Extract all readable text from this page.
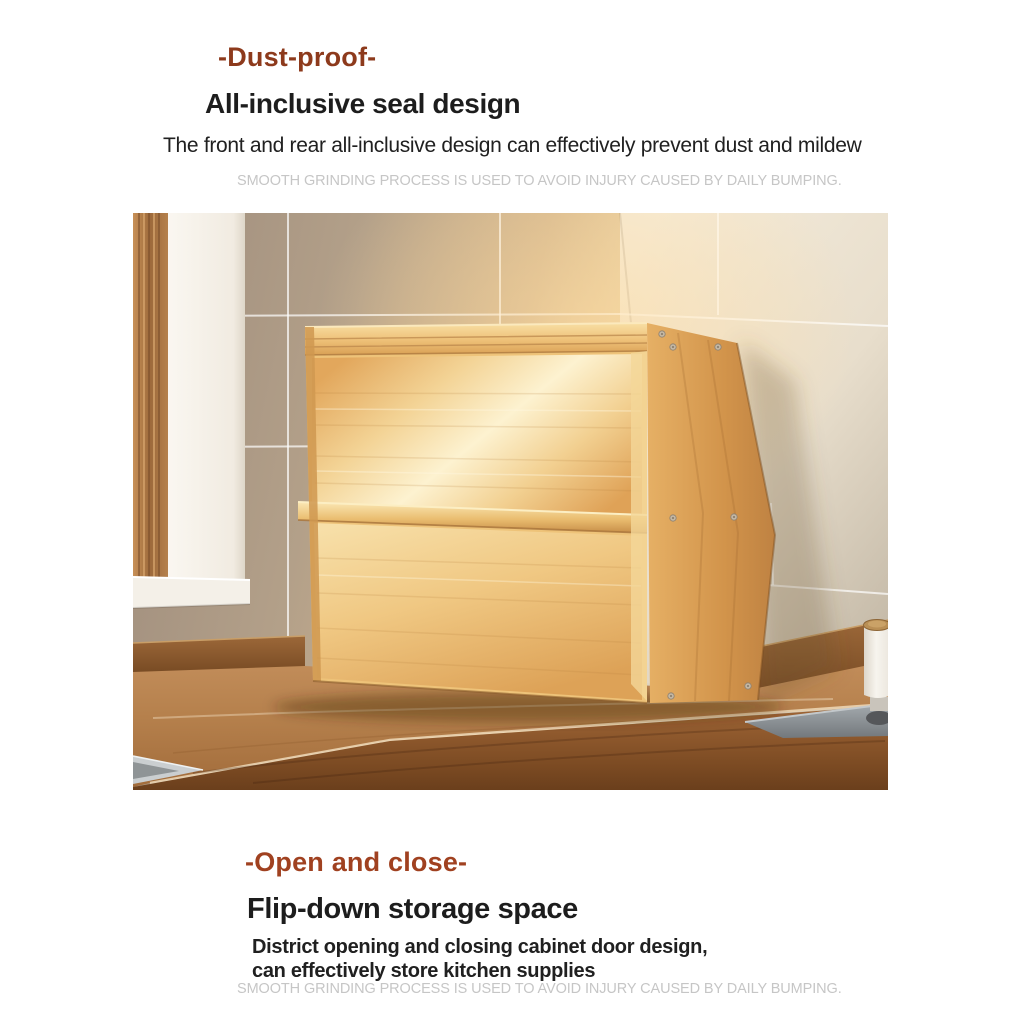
-Dust-proof-
All-inclusive seal design
The front and rear all-inclusive design can effectively prevent dust and mildew
SMOOTH GRINDING PROCESS IS USED TO AVOID INJURY CAUSED BY DAILY BUMPING.
-Open and close-
Flip-down storage space
District opening and closing cabinet door design,
can effectively store kitchen supplies
SMOOTH GRINDING PROCESS IS USED TO AVOID INJURY CAUSED BY DAILY BUMPING.
